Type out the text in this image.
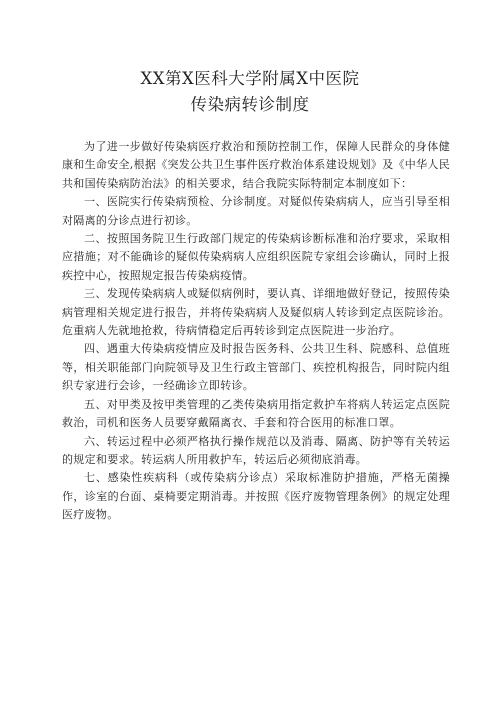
XX第X医科大学附属X中医院
传染病转诊制度

为了进一步做好传染病医疗救治和预防控制工作，保障人民群众的身体健康和生命安全,根据《突发公共卫生事件医疗救治体系建设规划》及《中华人民共和国传染病防治法》的相关要求，结合我院实际特制定本制度如下：

一、医院实行传染病预检、分诊制度。对疑似传染病病人，应当引导至相对隔离的分诊点进行初诊。

二、按照国务院卫生行政部门规定的传染病诊断标准和治疗要求，采取相应措施；对不能确诊的疑似传染病病人应组织医院专家组会诊确认，同时上报疾控中心，按照规定报告传染病疫情。

三、发现传染病病人或疑似病例时，要认真、详细地做好登记，按照传染病管理相关规定进行报告，并将传染病病人及疑似病人转诊到定点医院诊治。危重病人先就地抢救，待病情稳定后再转诊到定点医院进一步治疗。

四、遇重大传染病疫情应及时报告医务科、公共卫生科、院感科、总值班等，相关职能部门向院领导及卫生行政主管部门、疾控机构报告，同时院内组织专家进行会诊，一经确诊立即转诊。

五、对甲类及按甲类管理的乙类传染病用指定救护车将病人转运定点医院救治，司机和医务人员要穿戴隔离衣、手套和符合医用的标准口罩。

六、转运过程中必须严格执行操作规范以及消毒、隔离、防护等有关转运的规定和要求。转运病人所用救护车，转运后必须彻底消毒。

七、感染性疾病科（或传染病分诊点）采取标准防护措施，严格无菌操作，诊室的台面、桌椅要定期消毒。并按照《医疗废物管理条例》的规定处理医疗废物。
